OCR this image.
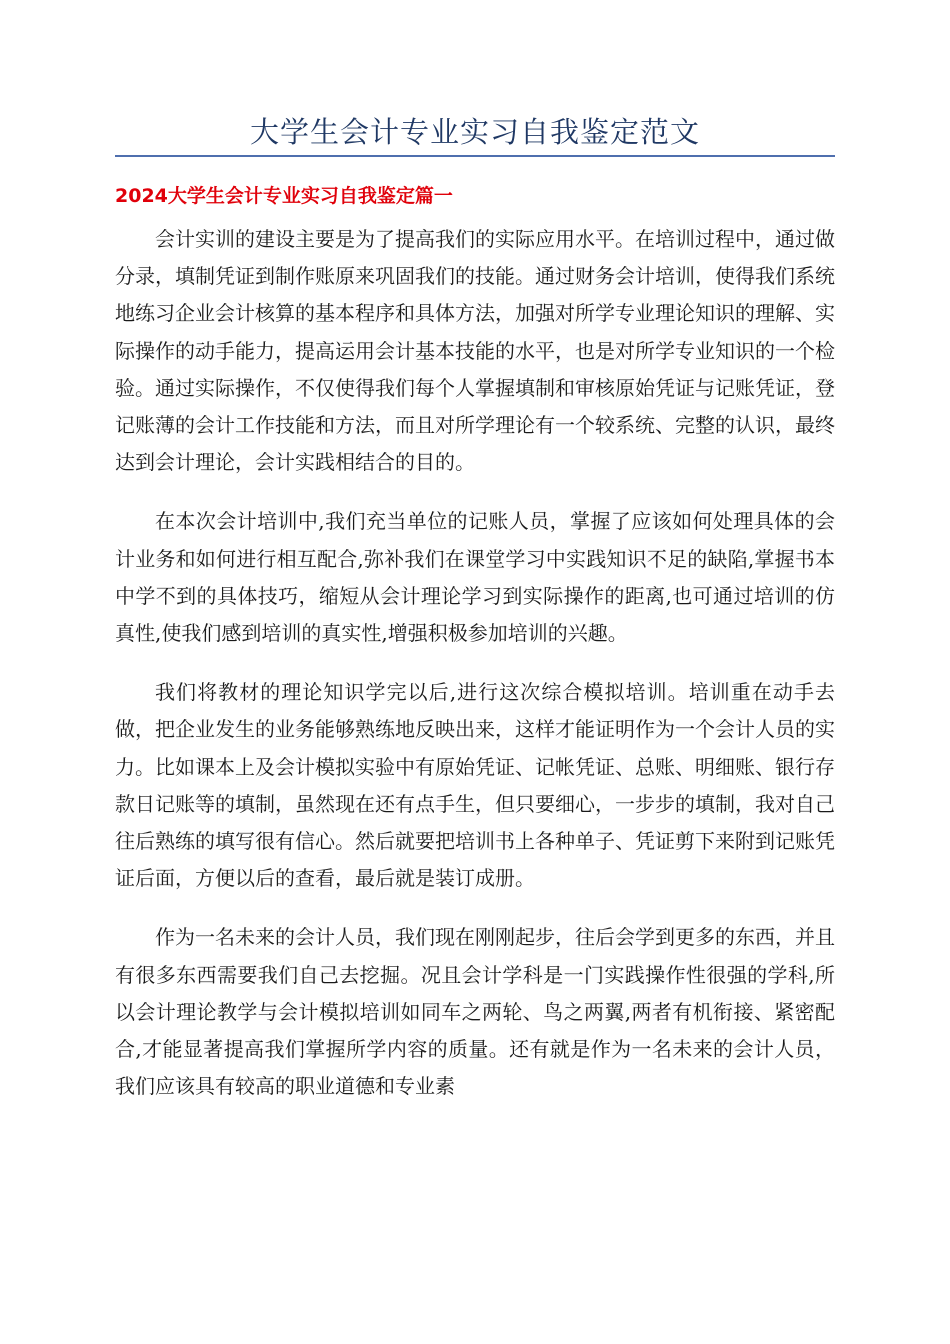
大学生会计专业实习自我鉴定范文
2024大学生会计专业实习自我鉴定篇一

会计实训的建设主要是为了提高我们的实际应用水平。在培训过程中，通过做分录，填制凭证到制作账原来巩固我们的技能。通过财务会计培训，使得我们系统地练习企业会计核算的基本程序和具体方法，加强对所学专业理论知识的理解、实际操作的动手能力，提高运用会计基本技能的水平，也是对所学专业知识的一个检验。通过实际操作，不仅使得我们每个人掌握填制和审核原始凭证与记账凭证，登记账薄的会计工作技能和方法，而且对所学理论有一个较系统、完整的认识，最终达到会计理论，会计实践相结合的目的。

在本次会计培训中,我们充当单位的记账人员，掌握了应该如何处理具体的会计业务和如何进行相互配合,弥补我们在课堂学习中实践知识不足的缺陷,掌握书本中学不到的具体技巧，缩短从会计理论学习到实际操作的距离,也可通过培训的仿真性,使我们感到培训的真实性,增强积极参加培训的兴趣。

我们将教材的理论知识学完以后,进行这次综合模拟培训。培训重在动手去做，把企业发生的业务能够熟练地反映出来，这样才能证明作为一个会计人员的实力。比如课本上及会计模拟实验中有原始凭证、记帐凭证、总账、明细账、银行存款日记账等的填制，虽然现在还有点手生，但只要细心，一步步的填制，我对自己往后熟练的填写很有信心。然后就要把培训书上各种单子、凭证剪下来附到记账凭证后面，方便以后的查看，最后就是装订成册。

作为一名未来的会计人员，我们现在刚刚起步，往后会学到更多的东西，并且有很多东西需要我们自己去挖掘。况且会计学科是一门实践操作性很强的学科,所以会计理论教学与会计模拟培训如同车之两轮、鸟之两翼,两者有机衔接、紧密配合,才能显著提高我们掌握所学内容的质量。还有就是作为一名未来的会计人员，我们应该具有较高的职业道德和专业素
